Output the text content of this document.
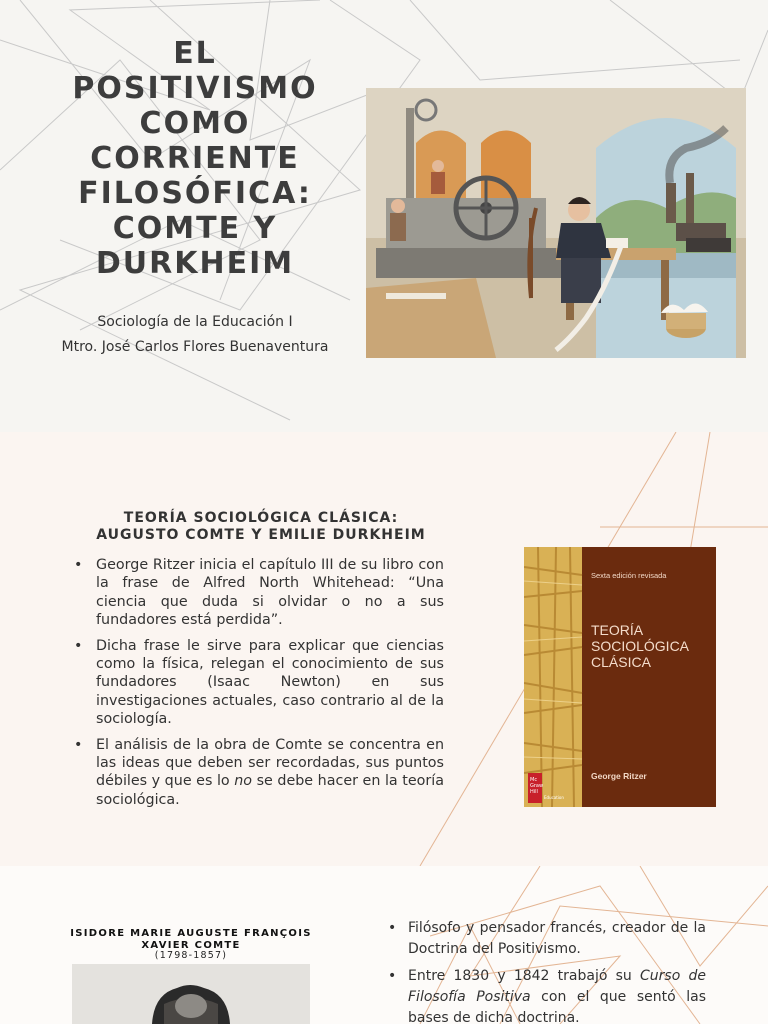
EL
POSITIVISMO
COMO
CORRIENTE
FILOSÓFICA:
COMTE Y
DURKHEIM
Sociología de la Educación I
Mtro. José Carlos Flores Buenaventura
TEORÍA SOCIOLÓGICA CLÁSICA:
AUGUSTO COMTE Y EMILIE DURKHEIM
• George Ritzer inicia el capítulo III de su libro con la frase de Alfred North Whitehead: “Una ciencia que duda si olvidar o no a sus fundadores está perdida”.
• Dicha frase le sirve para explicar que ciencias como la física, relegan el conocimiento de sus fundadores (Isaac Newton) en sus investigaciones actuales, caso contrario al de la sociología.
• El análisis de la obra de Comte se concentra en las ideas que deben ser recordadas, sus puntos débiles y que es lo no se debe hacer en la teoría sociológica.
Mc
Graw
Hill
Education
Sexta edición revisada
TEORÍA
SOCIOLÓGICA
CLÁSICA
George Ritzer
ISIDORE MARIE AUGUSTE FRANÇOIS
XAVIER COMTE
(1798-1857)
• Filósofo y pensador francés, creador de la Doctrina del Positivismo.
• Entre 1830 y 1842 trabajó su Curso de Filosofía Positiva con el que sentó las bases de dicha doctrina.
